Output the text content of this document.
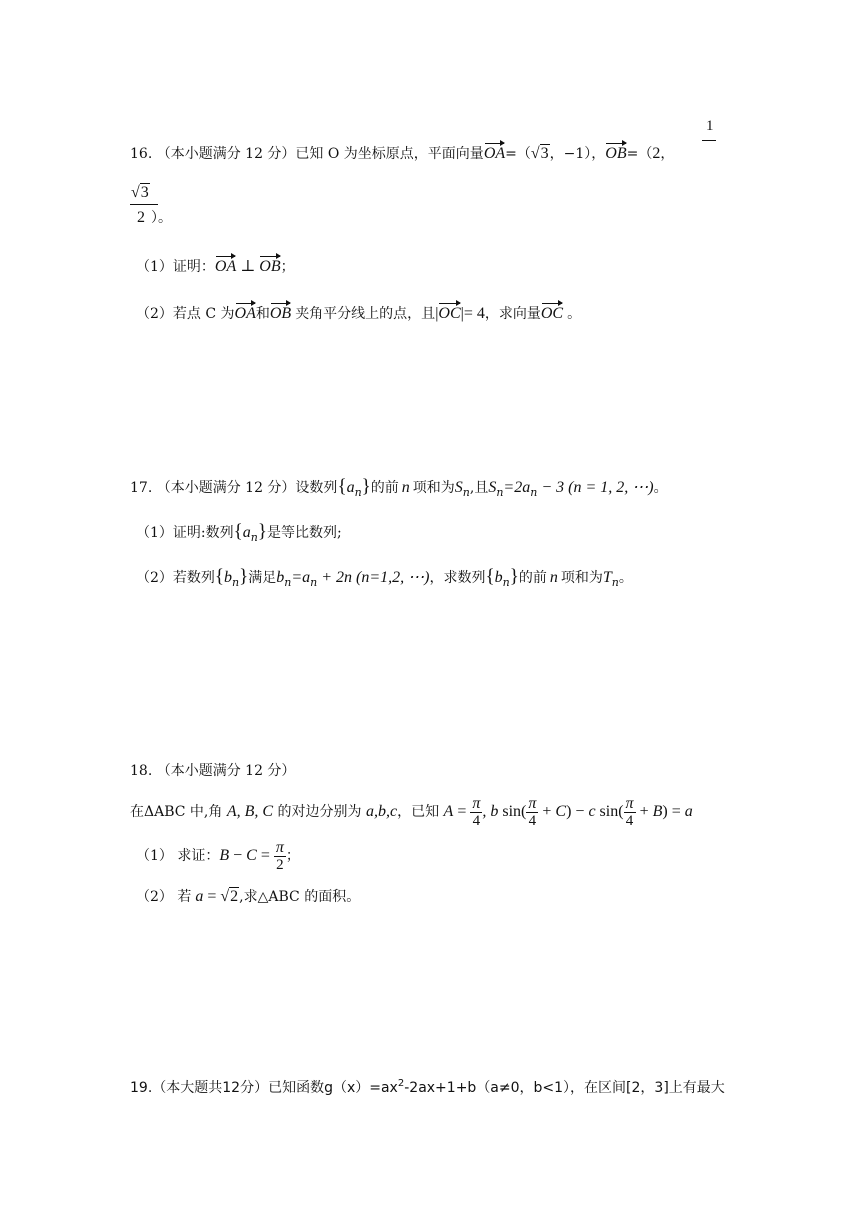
1
16. （本小题满分 12 分）已知 O 为坐标原点，平面向量OA=（√3，−1），OB=（2，
√3
2 ）。
（1）证明：OA ⊥ OB；
（2）若点 C 为OA和OB 夹角平分线上的点，且|OC|= 4，求向量OC 。
17. （本小题满分 12 分）设数列$\{a_n\}$的前 n 项和为$S_n$,且$S_n=2a_n - 3$ (n = 1, 2, ⋯)。
（1）证明:数列$\{a_n\}$是等比数列;
（2）若数列$\{b_n\}$满足$b_n=a_n + 2n$ (n=1,2, ⋯)，求数列$\{b_n\}$的前 n 项和为$T_n$。
18. （本小题满分 12 分）
在ΔABC 中,角 A, B, C 的对边分别为 a,b,c，已知 $A = \frac{\pi}{4}$ , b $\sin( \frac{\pi}{4} + C) - c$ $\sin( \frac{\pi}{4} + B) = a$
（1） 求证：$B - C = \frac{\pi}{2}$ ；
（2） 若 a = √2,求△ABC 的面积。
19.（本大题共12分）已知函数$g(x)=ax^2-2ax+1+b(a\ne 0$，b<1），在区间[2，3]上有最大
